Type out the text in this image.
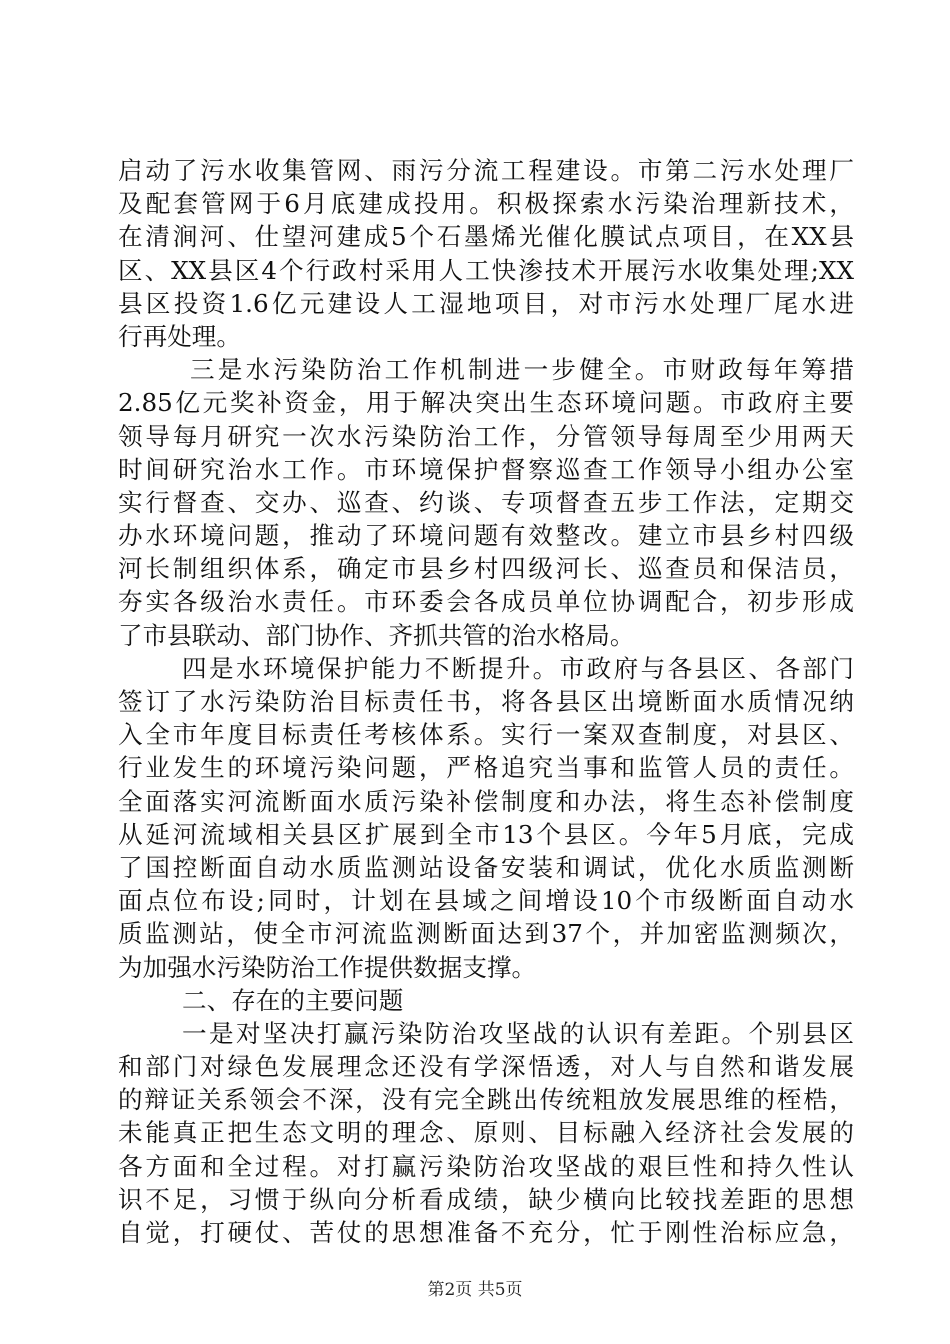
启动了污水收集管网、雨污分流工程建设。市第二污水处理厂
及配套管网于6月底建成投用。积极探索水污染治理新技术，
在清涧河、仕望河建成5个石墨烯光催化膜试点项目，在XX县
区、XX县区4个行政村采用人工快渗技术开展污水收集处理;XX
县区投资1.6亿元建设人工湿地项目，对市污水处理厂尾水进
行再处理。
三是水污染防治工作机制进一步健全。市财政每年筹措
2.85亿元奖补资金，用于解决突出生态环境问题。市政府主要
领导每月研究一次水污染防治工作，分管领导每周至少用两天
时间研究治水工作。市环境保护督察巡查工作领导小组办公室
实行督查、交办、巡查、约谈、专项督查五步工作法，定期交
办水环境问题，推动了环境问题有效整改。建立市县乡村四级
河长制组织体系，确定市县乡村四级河长、巡查员和保洁员，
夯实各级治水责任。市环委会各成员单位协调配合，初步形成
了市县联动、部门协作、齐抓共管的治水格局。
四是水环境保护能力不断提升。市政府与各县区、各部门
签订了水污染防治目标责任书，将各县区出境断面水质情况纳
入全市年度目标责任考核体系。实行一案双查制度，对县区、
行业发生的环境污染问题，严格追究当事和监管人员的责任。
全面落实河流断面水质污染补偿制度和办法，将生态补偿制度
从延河流域相关县区扩展到全市13个县区。今年5月底，完成
了国控断面自动水质监测站设备安装和调试，优化水质监测断
面点位布设;同时，计划在县域之间增设10个市级断面自动水
质监测站，使全市河流监测断面达到37个，并加密监测频次，
为加强水污染防治工作提供数据支撑。
二、存在的主要问题
一是对坚决打赢污染防治攻坚战的认识有差距。个别县区
和部门对绿色发展理念还没有学深悟透，对人与自然和谐发展
的辩证关系领会不深，没有完全跳出传统粗放发展思维的桎梏，
未能真正把生态文明的理念、原则、目标融入经济社会发展的
各方面和全过程。对打赢污染防治攻坚战的艰巨性和持久性认
识不足，习惯于纵向分析看成绩，缺少横向比较找差距的思想
自觉，打硬仗、苦仗的思想准备不充分，忙于刚性治标应急，
第2页 共5页
